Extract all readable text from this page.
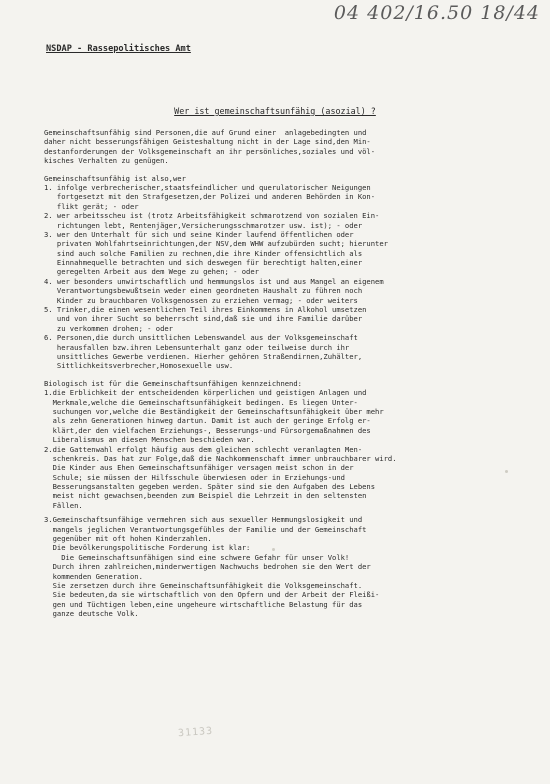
04 402/16.50 18/44
NSDAP - Rassepolitisches Amt
Wer ist gemeinschaftsunfähig (asozial) ?
Gemeinschaftsunfähig sind Personen,die auf Grund einer  anlagebedingten und
daher nicht besserungsfähigen Geisteshaltung nicht in der Lage sind,den Min-
destanforderungen der Volksgemeinschaft an ihr persönliches,soziales und völ-
kisches Verhalten zu genügen.
Gemeinschaftsunfähig ist also,wer
1. infolge verbrecherischer,staatsfeindlicher und querulatorischer Neigungen
fortgesetzt mit den Strafgesetzen,der Polizei und anderen Behörden in Kon-
flikt gerät; - oder
2. wer arbeitsscheu ist (trotz Arbeitsfähigkeit schmarotzend von sozialen Ein-
richtungen lebt, Rentenjäger,Versicherungsschmarotzer usw. ist); - oder
3. wer den Unterhalt für sich und seine Kinder laufend öffentlichen oder
privaten Wohlfahrtseinrichtungen,der NSV,dem WHW aufzubürden sucht; hierunter
sind auch solche Familien zu rechnen,die ihre Kinder offensichtlich als
Einnahmequelle betrachten und sich deswegen für berechtigt halten,einer
geregelten Arbeit aus dem Wege zu gehen; - oder
4. wer besonders unwirtschaftlich und hemmungslos ist und aus Mangel an eigenem
Verantwortungsbewußtsein weder einen geordneten Haushalt zu führen noch
Kinder zu brauchbaren Volksgenossen zu erziehen vermag; - oder weiters
5. Trinker,die einen wesentlichen Teil ihres Einkommens in Alkohol umsetzen
und von ihrer Sucht so beherrscht sind,daß sie und ihre Familie darüber
zu verkommen drohen; - oder
6. Personen,die durch unsittlichen Lebenswandel aus der Volksgemeinschaft
herausfallen bzw.ihren Lebensunterhalt ganz oder teilweise durch ihr
unsittliches Gewerbe verdienen. Hierher gehören Straßendirnen,Zuhälter,
Sittlichkeitsverbrecher,Homosexuelle usw.
Biologisch ist für die Gemeinschaftsunfähigen kennzeichnend:
1.die Erblichkeit der entscheidenden körperlichen und geistigen Anlagen und
Merkmale,welche die Gemeinschaftsunfähigkeit bedingen. Es liegen Unter-
suchungen vor,welche die Beständigkeit der Gemeinschaftsunfähigkeit über mehr
als zehn Generationen hinweg dartun. Damit ist auch der geringe Erfolg er-
klärt,der den vielfachen Erziehungs-, Besserungs-und Fürsorgemaßnahmen des
Liberalismus an diesen Menschen beschieden war.
2.die Gattenwahl erfolgt häufig aus dem gleichen schlecht veranlagten Men-
schenkreis. Das hat zur Folge,daß die Nachkommenschaft immer unbrauchbarer wird.
Die Kinder aus Ehen Gemeinschaftsunfähiger versagen meist schon in der
Schule; sie müssen der Hilfsschule überwiesen oder in Erziehungs-und
Besserungsanstalten gegeben werden. Später sind sie den Aufgaben des Lebens
meist nicht gewachsen,beenden zum Beispiel die Lehrzeit in den seltensten
Fällen.
3.Gemeinschaftsunfähige vermehren sich aus sexueller Hemmungslosigkeit und
mangels jeglichen Verantwortungsgefühles der Familie und der Gemeinschaft
gegenüber mit oft hohen Kinderzahlen.
Die bevölkerungspolitische Forderung ist klar:
Die Gemeinschaftsunfähigen sind eine schwere Gefahr für unser Volk!
Durch ihren zahlreichen,minderwertigen Nachwuchs bedrohen sie den Wert der
kommenden Generation.
Sie zersetzen durch ihre Gemeinschaftsunfähigkeit die Volksgemeinschaft.
Sie bedeuten,da sie wirtschaftlich von den Opfern und der Arbeit der Fleißi-
gen und Tüchtigen leben,eine ungeheure wirtschaftliche Belastung für das
ganze deutsche Volk.
31133
